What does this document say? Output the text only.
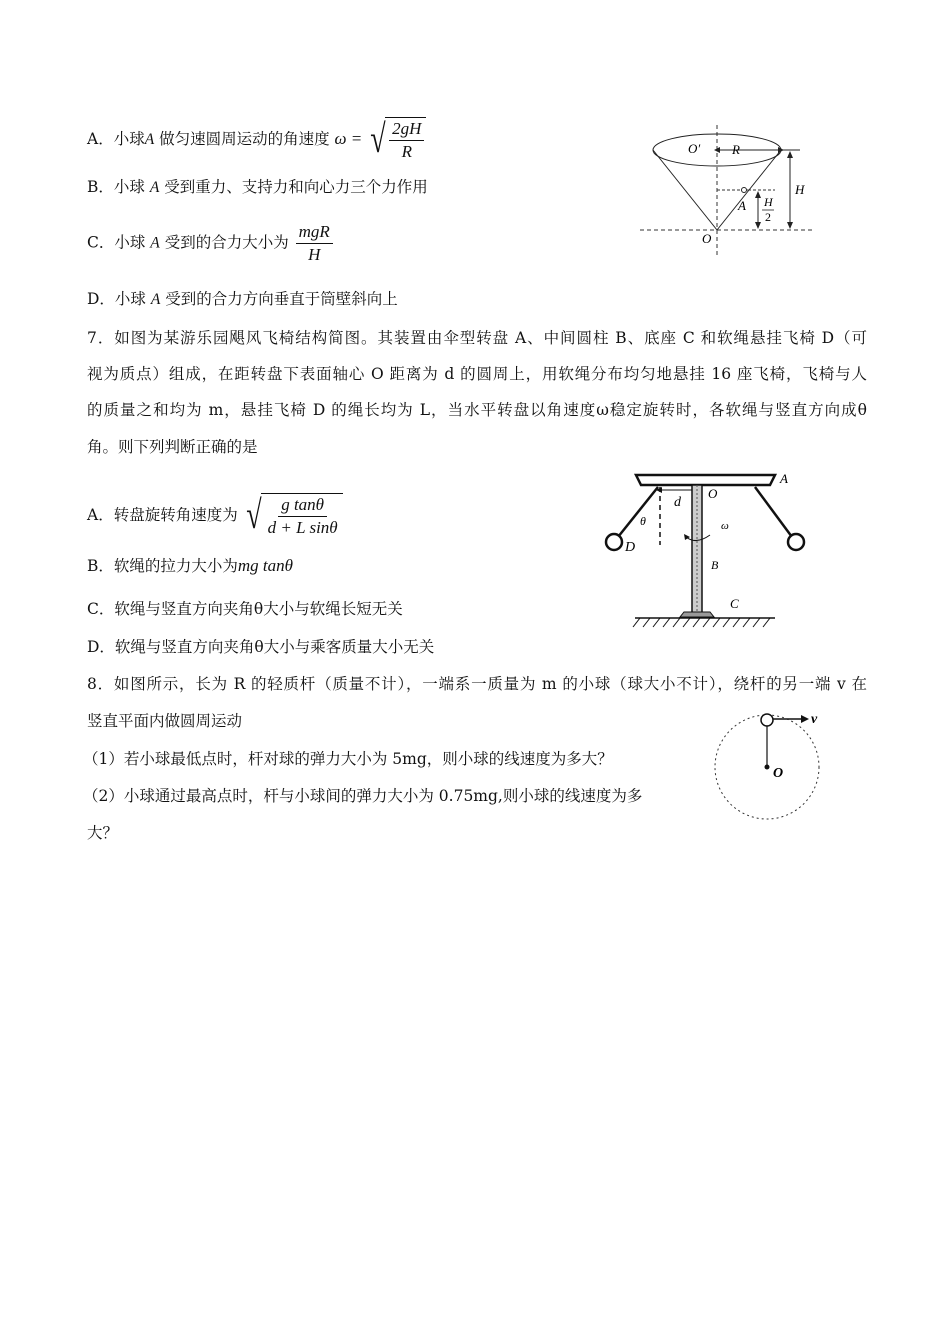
A．小球A 做匀速圆周运动的角速度 ω = √ $\frac{2gH}{R}$
B．小球 A 受到重力、支持力和向心力三个力作用
C．小球 A 受到的合力大小为 $\frac{\text{mgR}}{H}$
D．小球 A 受到的合力方向垂直于筒壁斜向上
O′ R
H
A H
2
O
7．如图为某游乐园飓风飞椅结构简图。其装置由伞型转盘 A、中间圆柱 B、底座 C 和软绳悬挂飞椅 D（可
视为质点）组成，在距转盘下表面轴心 O 距离为 d 的圆周上，用软绳分布均匀地悬挂 16 座飞椅，飞椅与人
的质量之和均为 m，悬挂飞椅 D 的绳长均为 L，当水平转盘以角速度ω稳定旋转时，各软绳与竖直方向成θ
角。则下列判断正确的是
A．转盘旋转角速度为 √ $\frac{\text{g tanθ}}{\text{d + L sinθ}}$
B．软绳的拉力大小为mg tanθ
C．软绳与竖直方向夹角θ大小与软绳长短无关
D．软绳与竖直方向夹角θ大小与乘客质量大小无关
A
d
O
θ	ω
B
D
C
8．如图所示，长为 R 的轻质杆（质量不计），一端系一质量为 m 的小球（球大小不计），绕杆的另一端 v 在
竖直平面内做圆周运动
（1）若小球最低点时，杆对球的弹力大小为 5mg，则小球的线速度为多大？
（2）小球通过最高点时，杆与小球间的弹力大小为 0.75mg,则小球的线速度为多
大？
v
O
